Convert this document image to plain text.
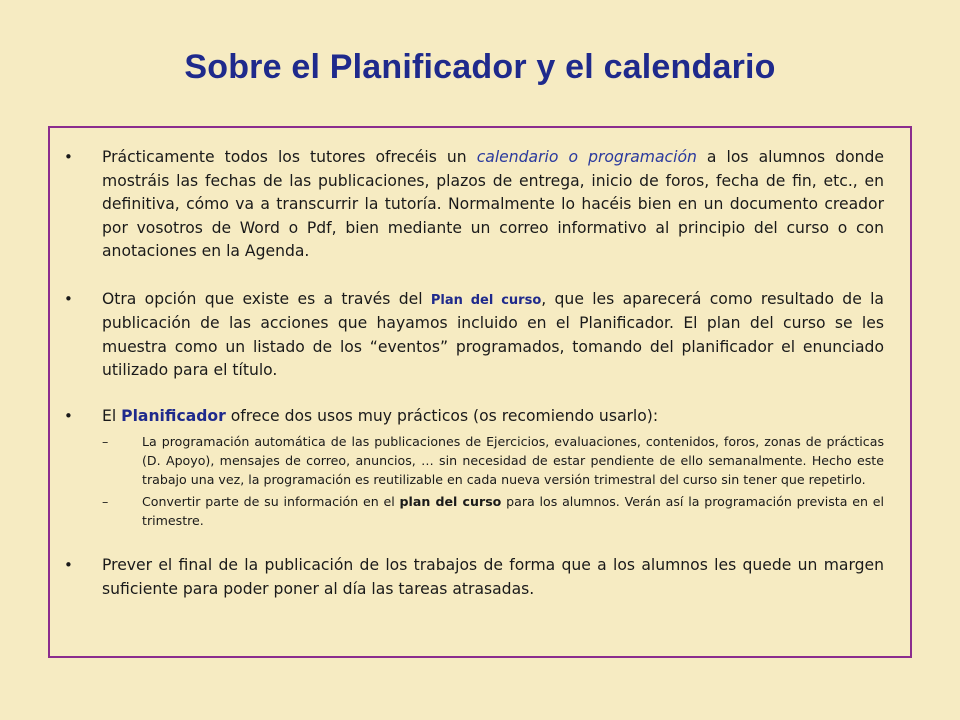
Sobre el Planificador y el calendario
•	Prácticamente todos los tutores ofrecéis un calendario o programación a los alumnos donde mostráis las fechas de las publicaciones, plazos de entrega, inicio de foros, fecha de fin, etc., en definitiva, cómo va a transcurrir la tutoría. Normalmente lo hacéis bien en un documento creador por vosotros de Word o Pdf, bien mediante un correo informativo al principio del curso o con anotaciones en la Agenda.
•	Otra opción que existe es a través del Plan del curso, que les aparecerá como resultado de la publicación de las acciones que hayamos incluido en el Planificador. El plan del curso se les muestra como un listado de los “eventos” programados, tomando del planificador el enunciado utilizado para el título.
•	El Planificador ofrece dos usos muy prácticos (os recomiendo usarlo):
–	La programación automática de las publicaciones de Ejercicios, evaluaciones, contenidos, foros, zonas de prácticas (D. Apoyo), mensajes de correo, anuncios, … sin necesidad de estar pendiente de ello semanalmente. Hecho este trabajo una vez, la programación es reutilizable en cada nueva versión trimestral del curso sin tener que repetirlo.
–	Convertir parte de su información en el plan del curso para los alumnos. Verán así la programación prevista en el trimestre.
•	Prever el final de la publicación de los trabajos de forma que a los alumnos les quede un margen suficiente para poder poner al día las tareas atrasadas.
